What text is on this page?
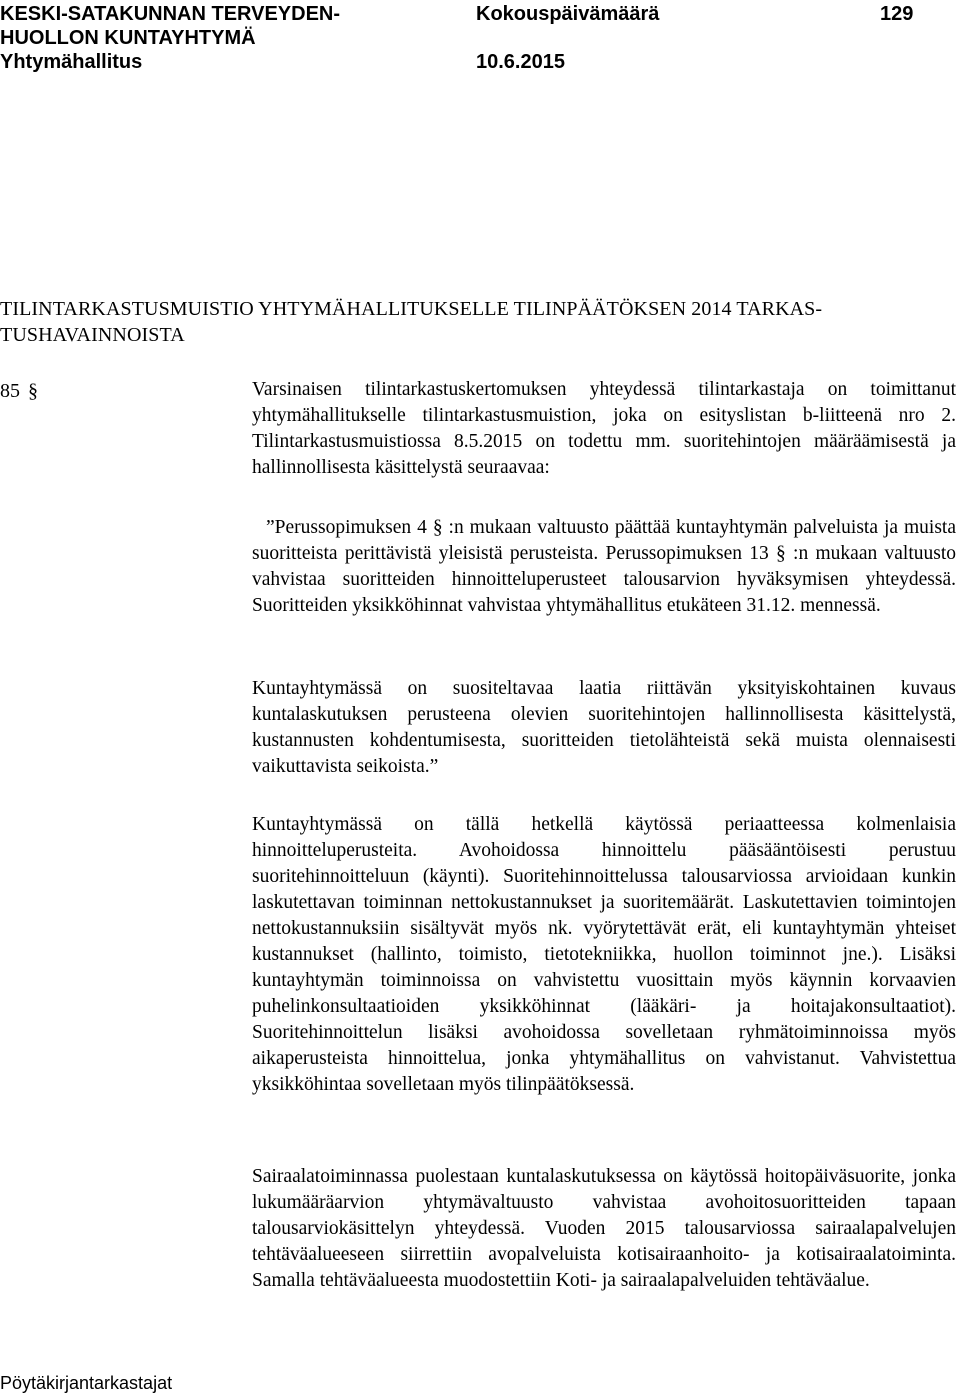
KESKI-SATAKUNNAN TERVEYDEN-
HUOLLON KUNTAYHTYMÄ
Yhtymähallitus
Kokouspäivämäärä
10.6.2015
129
TILINTARKASTUSMUISTIO YHTYMÄHALLITUKSELLE TILINPÄÄTÖKSEN 2014 TARKAS-
TUSHAVAINNOISTA
85 §	Varsinaisen tilintarkastuskertomuksen yhteydessä tilintarkastaja on toimittanut yhtymähallitukselle tilintarkastusmuistion, joka on esityslistan b-liitteenä nro 2. Tilintarkastusmuistiossa 8.5.2015 on todettu mm. suoritehintojen määräämisestä ja hallinnollisesta käsittelystä seuraavaa:

”Perussopimuksen 4 § :n mukaan valtuusto päättää kuntayhtymän palveluista ja muista suoritteista perittävistä yleisistä perusteista. Perussopimuksen 13 § :n mukaan valtuusto vahvistaa suoritteiden hinnoitteluperusteet talousarvion hyväksymisen yhteydessä. Suoritteiden yksikköhinnat vahvistaa yhtymähallitus etukäteen 31.12. mennessä.

Kuntayhtymässä on suositeltavaa laatia riittävän yksityiskohtainen kuvaus kuntalaskutuksen perusteena olevien suoritehintojen hallinnollisesta käsittelystä, kustannusten kohdentumisesta, suoritteiden tietolähteistä sekä muista olennaisesti vaikuttavista seikoista.”

Kuntayhtymässä on tällä hetkellä käytössä periaatteessa kolmenlaisia hinnoitteluperusteita. Avohoidossa hinnoittelu pääsääntöisesti perustuu suoritehinnoitteluun (käynti). Suoritehinnoittelussa talousarviossa arvioidaan kunkin laskutettavan toiminnan nettokustannukset ja suoritemäärät. Laskutettavien toimintojen nettokustannuksiin sisältyvät myös nk. vyörytettävät erät, eli kuntayhtymän yhteiset kustannukset (hallinto, toimisto, tietotekniikka, huollon toiminnot jne.). Lisäksi kuntayhtymän toiminnoissa on vahvistettu vuosittain myös käynnin korvaavien puhelinkonsultaatioiden yksikköhinnat (lääkäri- ja hoitajakonsultaatiot). Suoritehinnoittelun lisäksi avohoidossa sovelletaan ryhmätoiminnoissa myös aikaperusteista hinnoittelua, jonka yhtymähallitus on vahvistanut. Vahvistettua yksikköhintaa sovelletaan myös tilinpäätöksessä.

Sairaalatoiminnassa puolestaan kuntalaskutuksessa on käytössä hoitopäiväsuorite, jonka lukumääräarvion yhtymävaltuusto vahvistaa avohoitosuoritteiden tapaan talousarviokäsittelyn yhteydessä. Vuoden 2015 talousarviossa sairaalapalvelujen tehtäväalueeseen siirrettiin avopalveluista kotisairaanhoito- ja kotisairaalatoiminta. Samalla tehtäväalueesta muodostettiin Koti- ja sairaalapalveluiden tehtäväalue.

Pöytäkirjantarkastajat
